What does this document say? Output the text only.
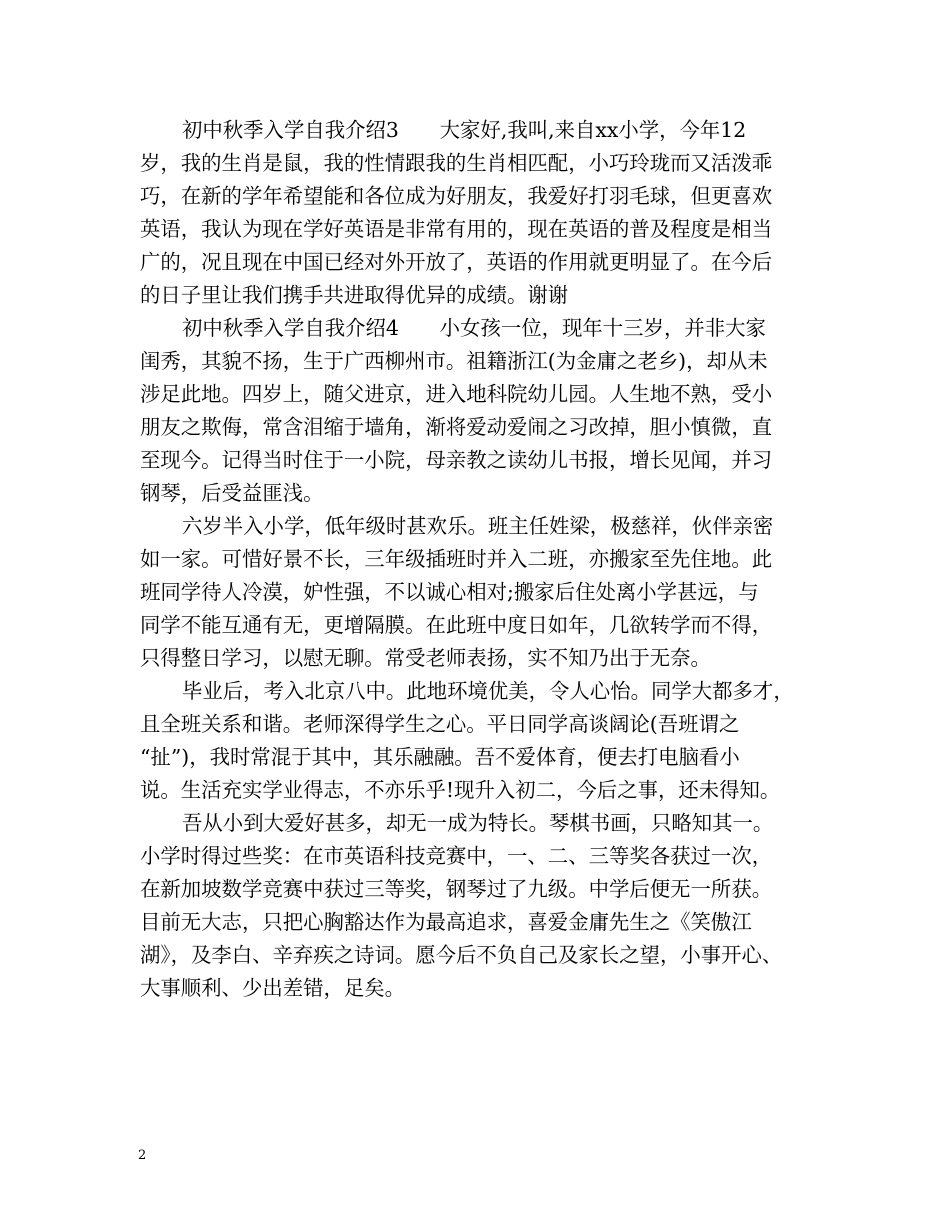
初中秋季入学自我介绍3　　大家好,我叫,来自xx小学，今年12
岁，我的生肖是鼠，我的性情跟我的生肖相匹配，小巧玲珑而又活泼乖
巧，在新的学年希望能和各位成为好朋友，我爱好打羽毛球，但更喜欢
英语，我认为现在学好英语是非常有用的，现在英语的普及程度是相当
广的，况且现在中国已经对外开放了，英语的作用就更明显了。在今后
的日子里让我们携手共进取得优异的成绩。谢谢
初中秋季入学自我介绍4　　小女孩一位，现年十三岁，并非大家
闺秀，其貌不扬，生于广西柳州市。祖籍浙江(为金庸之老乡)，却从未
涉足此地。四岁上，随父进京，进入地科院幼儿园。人生地不熟，受小
朋友之欺侮，常含泪缩于墙角，渐将爱动爱闹之习改掉，胆小慎微，直
至现今。记得当时住于一小院，母亲教之读幼儿书报，增长见闻，并习
钢琴，后受益匪浅。
六岁半入小学，低年级时甚欢乐。班主任姓梁，极慈祥，伙伴亲密
如一家。可惜好景不长，三年级插班时并入二班，亦搬家至先住地。此
班同学待人冷漠，妒性强，不以诚心相对;搬家后住处离小学甚远，与
同学不能互通有无，更增隔膜。在此班中度日如年，几欲转学而不得，
只得整日学习，以慰无聊。常受老师表扬，实不知乃出于无奈。
毕业后，考入北京八中。此地环境优美，令人心怡。同学大都多才，
且全班关系和谐。老师深得学生之心。平日同学高谈阔论(吾班谓之
“扯”)，我时常混于其中，其乐融融。吾不爱体育，便去打电脑看小
说。生活充实学业得志，不亦乐乎!现升入初二，今后之事，还未得知。
吾从小到大爱好甚多，却无一成为特长。琴棋书画，只略知其一。
小学时得过些奖：在市英语科技竞赛中，一、二、三等奖各获过一次，
在新加坡数学竞赛中获过三等奖，钢琴过了九级。中学后便无一所获。
目前无大志，只把心胸豁达作为最高追求，喜爱金庸先生之《笑傲江
湖》，及李白、辛弃疾之诗词。愿今后不负自己及家长之望，小事开心、
大事顺利、少出差错，足矣。
2
